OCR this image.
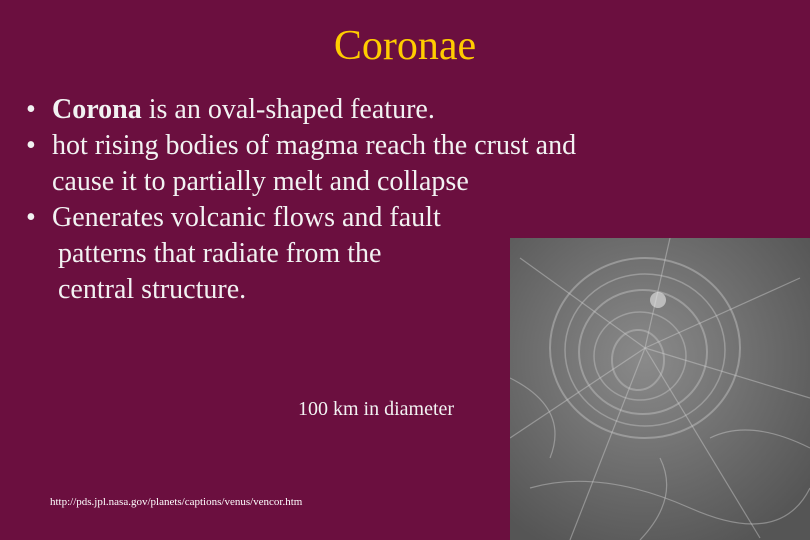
Coronae
• Corona is an oval-shaped feature.
• hot rising bodies of magma reach the crust and
cause it to partially melt and collapse
• Generates volcanic flows and fault
patterns that radiate from the
central structure.
100 km in diameter
http://pds.jpl.nasa.gov/planets/captions/venus/vencor.htm
